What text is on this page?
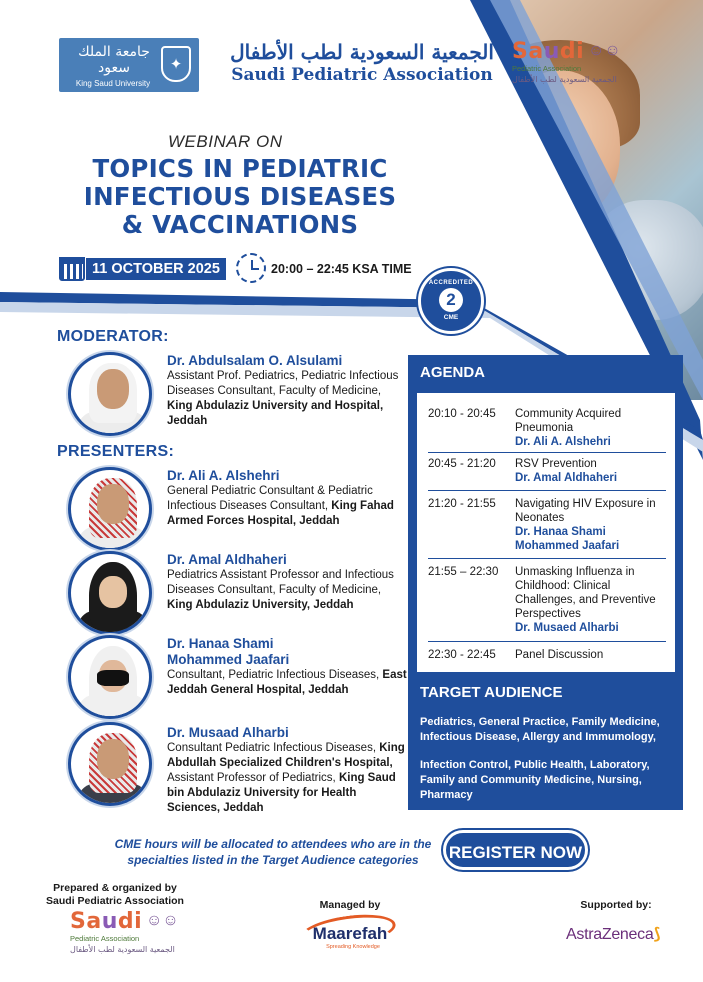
جامعة الملك سعود	✦
King Saud University
الجمعية السعودية لطب الأطفال
Saudi Pediatric Association
Saudi ☺☺
Pediatric Association
الجمعية السعودية لطب الأطفال
WEBINAR ON
TOPICS IN PEDIATRIC
INFECTIOUS DISEASES
& VACCINATIONS
11 OCTOBER 2025	20:00 – 22:45 KSA TIME
ACCREDITED
2
CME
MODERATOR:
Dr. Abdulsalam O. Alsulami
Assistant Prof. Pediatrics, Pediatric Infectious Diseases Consultant, Faculty of Medicine, King Abdulaziz University and Hospital, Jeddah
PRESENTERS:
Dr. Ali A. Alshehri
General Pediatric Consultant & Pediatric Infectious Diseases Consultant, King Fahad Armed Forces Hospital, Jeddah
Dr. Amal Aldhaheri
Pediatrics Assistant Professor and Infectious Diseases Consultant, Faculty of Medicine, King Abdulaziz University, Jeddah
Dr. Hanaa Shami Mohammed Jaafari
Consultant, Pediatric Infectious Diseases, East Jeddah General Hospital, Jeddah
Dr. Musaad Alharbi
Consultant Pediatric Infectious Diseases, King Abdullah Specialized Children's Hospital, Assistant Professor of Pediatrics, King Saud bin Abdulaziz University for Health Sciences, Jeddah
AGENDA
20:10 - 20:45	Community Acquired Pneumonia
Dr. Ali A. Alshehri
20:45 - 21:20	RSV Prevention
Dr. Amal Aldhaheri
21:20 - 21:55	Navigating HIV Exposure in Neonates
Dr. Hanaa Shami Mohammed Jaafari
21:55 – 22:30	Unmasking Influenza in Childhood: Clinical Challenges, and Preventive Perspectives
Dr. Musaed Alharbi
22:30 - 22:45	Panel Discussion
TARGET AUDIENCE
Pediatrics, General Practice, Family Medicine, Infectious Disease, Allergy and Immumology,
Infection Control, Public Health, Laboratory, Family and Community Medicine, Nursing, Pharmacy
CME hours will be allocated to attendees who are in the specialties listed in the Target Audience categories	REGISTER NOW
Prepared & organized by Saudi Pediatric Association
Saudi ☺☺
Pediatric Association
الجمعية السعودية لطب الأطفال
Managed by
Maarefah
Spreading Knowledge
Supported by:
AstraZeneca⟆
